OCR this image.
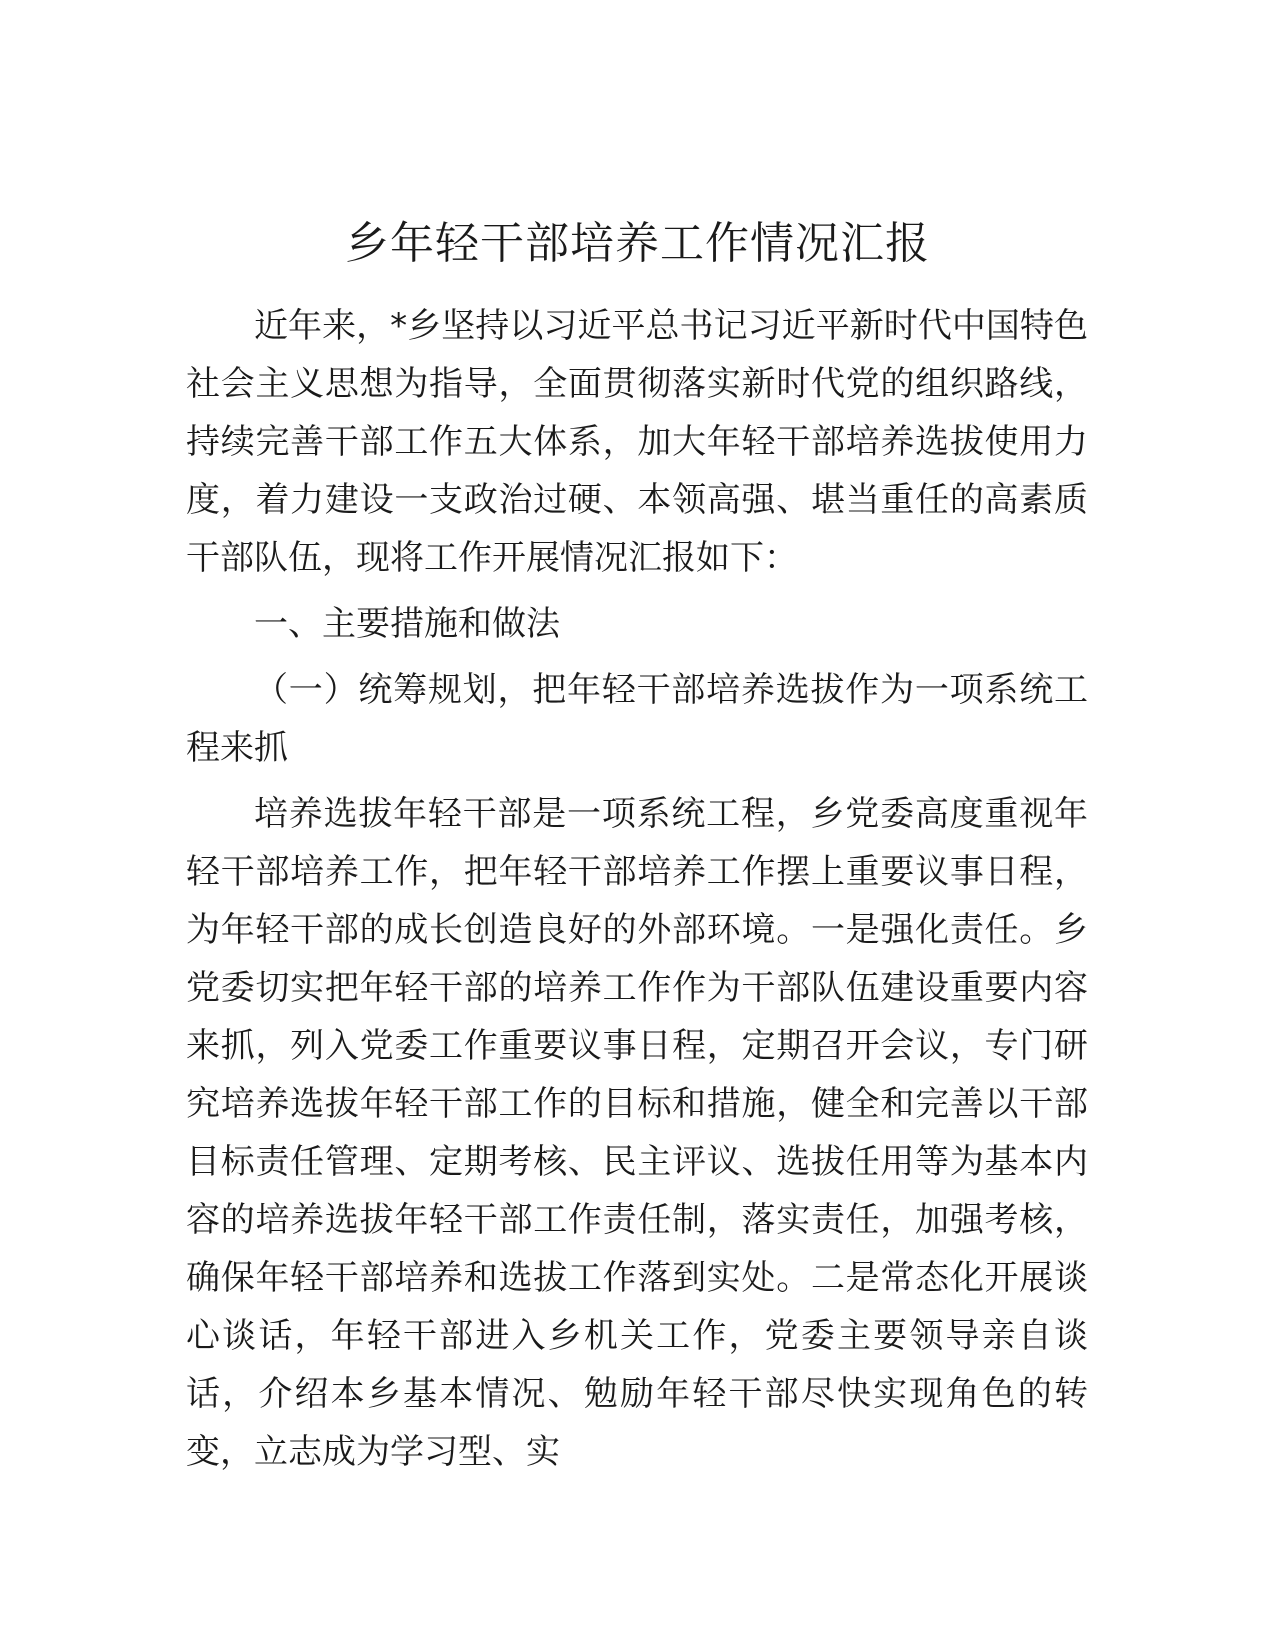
乡年轻干部培养工作情况汇报

近年来，*乡坚持以习近平总书记习近平新时代中国特色社会主义思想为指导，全面贯彻落实新时代党的组织路线，持续完善干部工作五大体系，加大年轻干部培养选拔使用力度，着力建设一支政治过硬、本领高强、堪当重任的高素质干部队伍，现将工作开展情况汇报如下：

一、主要措施和做法

（一）统筹规划，把年轻干部培养选拔作为一项系统工程来抓

培养选拔年轻干部是一项系统工程，乡党委高度重视年轻干部培养工作，把年轻干部培养工作摆上重要议事日程，为年轻干部的成长创造良好的外部环境。一是强化责任。乡党委切实把年轻干部的培养工作作为干部队伍建设重要内容来抓，列入党委工作重要议事日程，定期召开会议，专门研究培养选拔年轻干部工作的目标和措施，健全和完善以干部目标责任管理、定期考核、民主评议、选拔任用等为基本内容的培养选拔年轻干部工作责任制，落实责任，加强考核，确保年轻干部培养和选拔工作落到实处。二是常态化开展谈心谈话，年轻干部进入乡机关工作，党委主要领导亲自谈话，介绍本乡基本情况、勉励年轻干部尽快实现角色的转变，立志成为学习型、实
